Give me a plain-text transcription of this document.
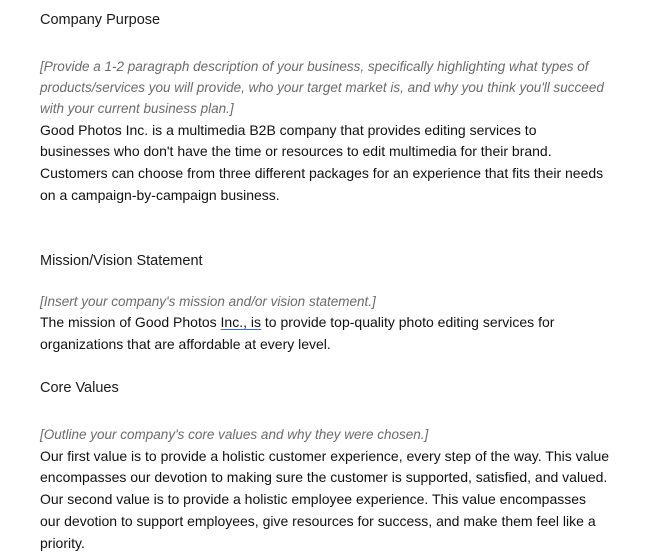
Company Purpose

[Provide a 1-2 paragraph description of your business, specifically highlighting what types of products/services you will provide, who your target market is, and why you think you'll succeed with your current business plan.]

Good Photos Inc. is a multimedia B2B company that provides editing services to businesses who don't have the time or resources to edit multimedia for their brand. Customers can choose from three different packages for an experience that fits their needs on a campaign-by-campaign business.

Mission/Vision Statement

[Insert your company's mission and/or vision statement.]

The mission of Good Photos Inc., is to provide top-quality photo editing services for organizations that are affordable at every level.

Core Values

[Outline your company's core values and why they were chosen.]

Our first value is to provide a holistic customer experience, every step of the way. This value encompasses our devotion to making sure the customer is supported, satisfied, and valued.

Our second value is to provide a holistic employee experience. This value encompasses our devotion to support employees, give resources for success, and make them feel like a priority.
